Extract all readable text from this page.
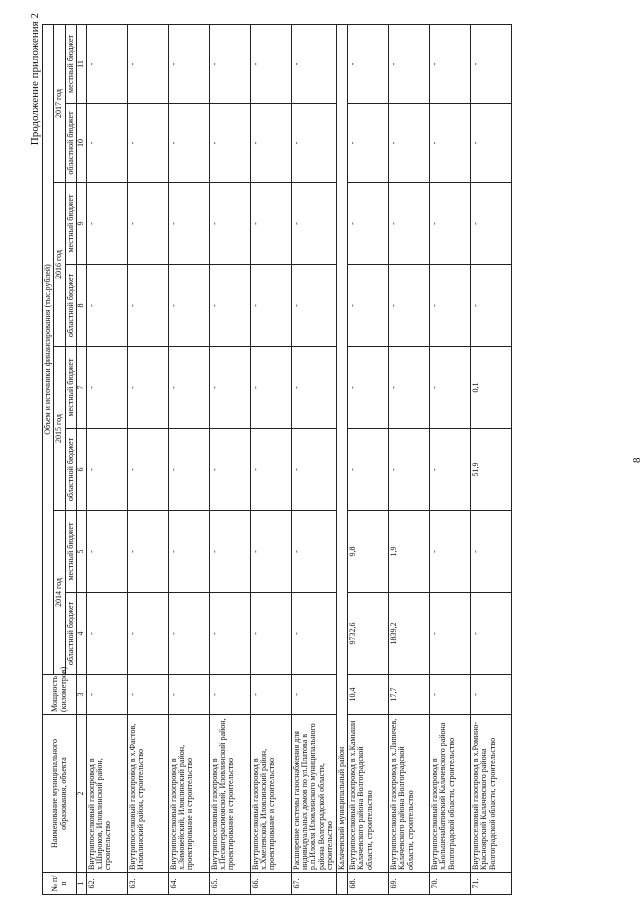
8
Продолжение приложения 2
№ п/п	Наименование муниципального образования, объекта	Мощность (километров)	Объем и источники финансирования (тыс.рублей)							
			2014 год		2015 год		2016 год		2017 год	
			областной бюджет	местный бюджет	областной бюджет	местный бюджет	областной бюджет	местный бюджет	областной бюджет	местный бюджет
1	2	3	4	5	6	7	8	9	10	11
62.	Внутрипоселковый газопровод в х.Широков, Иловлинский район, строительство	-	-	-	-	-	-	-	-	-
63.	Внутрипоселковый газопровод в х.Фастов, Иловлинский район, строительство	-	-	-	-	-	-	-	-	-
64.	Внутрипоселковый газопровод в х.Зимовейский, Иловлинский район, проектирование и строительство	-	-	-	-	-	-	-	-	-
65.	Внутрипоселковый газопровод в х.Пескогерасимовский, Иловлинский район, проектирование и строительство	-	-	-	-	-	-	-	-	-
66.	Внутрипоселковый газопровод в х.Хмелевской, Иловлинский район, проектирование и строительство	-	-	-	-	-	-	-	-	-
67.	Расширение системы газоснабжения для индивидуальных домов по ул.Платова в р.п.Иловля Иловлинского муниципального района Волгоградской области, строительство	-	-	-	-	-	-	-	-	-
	Калачевский муниципальный район									
68.	Внутрипоселковый газопровод в х.Камыши Калачевского района Волгоградской области, строительство	10,4	9732,6	9,8	-	-	-	-	-	-
69.	Внутрипоселковый газопровод в х.Липичев, Калачевского района Волгоградской области, строительство	17,7	1839,2	1,9	-	-	-	-	-	-
70.	Внутрипоселковый газопровод в х.Большенабатовский Калачевского района Волгоградской области, строительство	-	-	-	-	-	-	-	-	-
71.	Внутрипоселковый газопровод в х.Ромино-Красноярский Калачевского района Волгоградской области, строительство	-	-	-	51,9	0,1	-	-	-	-
